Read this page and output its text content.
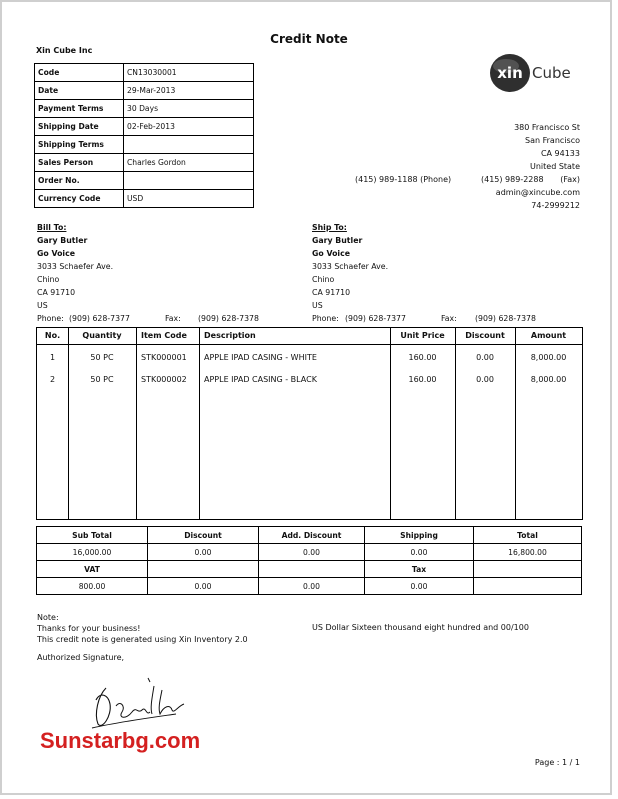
Credit Note
Xin Cube Inc
Code	CN13030001
Date	29-Mar-2013
Payment Terms	30 Days
Shipping Date	02-Feb-2013
Shipping Terms	
Sales Person	Charles Gordon
Order No.	
Currency Code	USD
xin Cube
380 Francisco St
San Francisco
CA 94133
United State
(415) 989-1188 (Phone)	(415) 989-2288 (Fax)
admin@xincube.com
74-2999212
Bill To:
Gary Butler
Go Voice
3033 Schaefer Ave.
Chino
CA 91710
US
Phone: (909) 628-7377	Fax: (909) 628-7378
Ship To:
Gary Butler
Go Voice
3033 Schaefer Ave.
Chino
CA 91710
US
Phone: (909) 628-7377	Fax: (909) 628-7378
No.	Quantity	Item Code Description	Unit Price	Discount	Amount
1	50 PC	STK000001 APPLE IPAD CASING - WHITE	160.00	0.00	8,000.00
2	50 PC	STK000002 APPLE IPAD CASING - BLACK	160.00	0.00	8,000.00
Sub Total	Discount	Add. Discount	Shipping	Total
16,000.00	0.00	0.00	0.00	16,800.00
VAT			Tax	
800.00	0.00	0.00	0.00	
Note:
Thanks for your business!
This credit note is generated using Xin Inventory 2.0
US Dollar Sixteen thousand eight hundred and 00/100
Authorized Signature,
Sunstarbg.com
Page : 1 / 1
